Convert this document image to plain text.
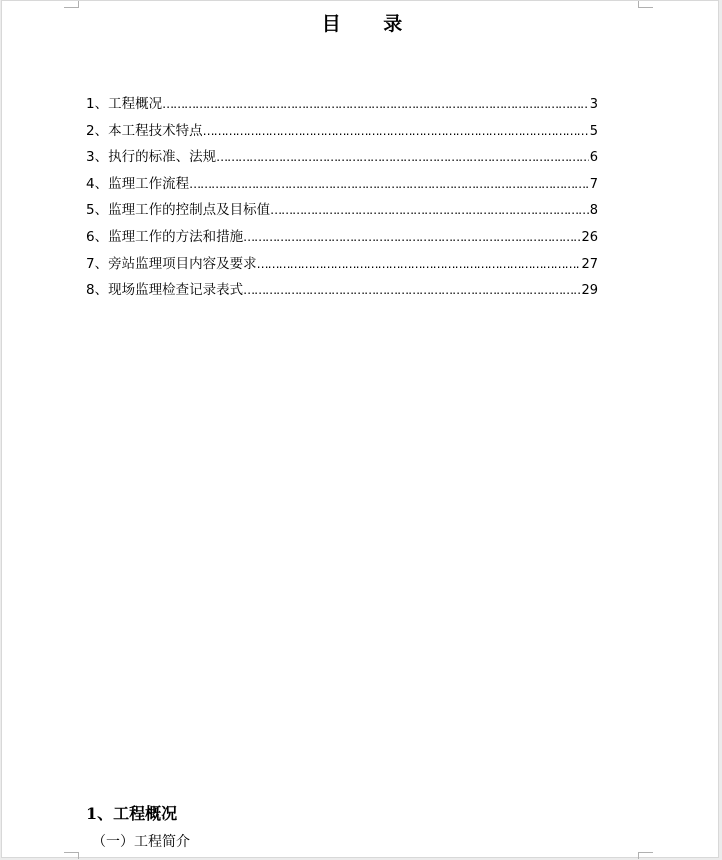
目 录
1、工程概况 ……………………………………………………………………………………………………………………………………………………………………………………	3
2、本工程技术特点 ……………………………………………………………………………………………………………………………………………………………………………………	5
3、执行的标准、法规 ……………………………………………………………………………………………………………………………………………………………………………………	6
4、监理工作流程 ……………………………………………………………………………………………………………………………………………………………………………………	7
5、监理工作的控制点及目标值 ……………………………………………………………………………………………………………………………………………………………………………………	8
6、监理工作的方法和措施 ……………………………………………………………………………………………………………………………………………………………………………………	26
7、旁站监理项目内容及要求 ……………………………………………………………………………………………………………………………………………………………………………………	27
8、现场监理检查记录表式 ……………………………………………………………………………………………………………………………………………………………………………………	29
1、工程概况
（一）工程简介
